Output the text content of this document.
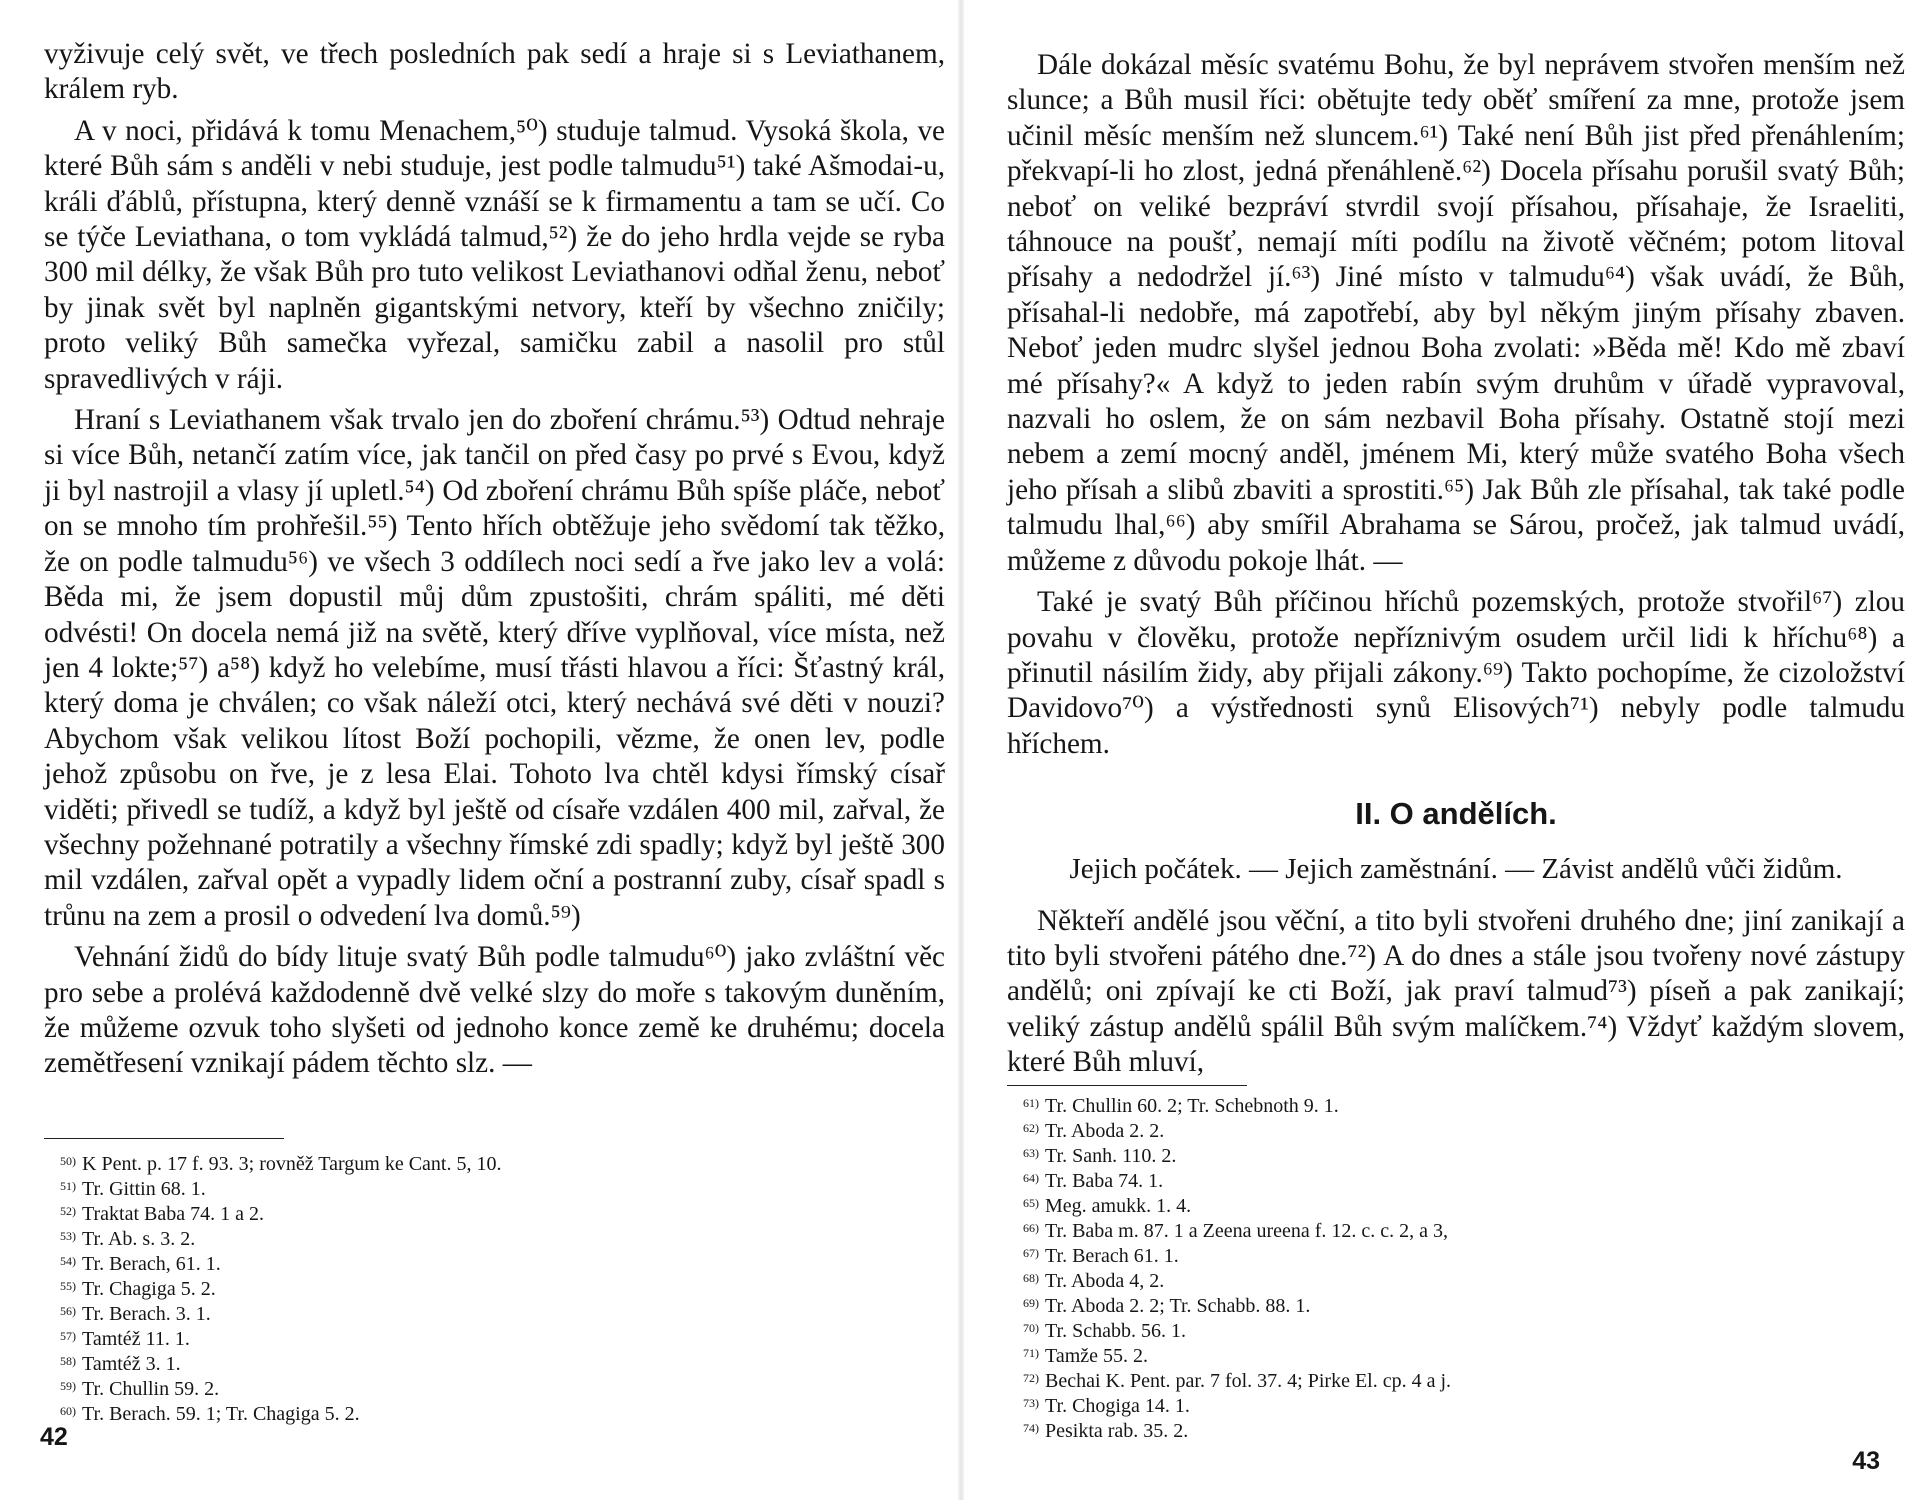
vyživuje celý svět, ve třech posledních pak sedí a hraje si s Leviathanem, králem ryb.

A v noci, přidává k tomu Menachem,⁵⁰) studuje talmud. Vysoká škola, ve které Bůh sám s anděli v nebi studuje, jest podle talmudu⁵¹) také Ašmodai-u, králi ďáblů, přístupna, který denně vznáší se k firmamentu a tam se učí. Co se týče Leviathana, o tom vykládá talmud,⁵²) že do jeho hrdla vejde se ryba 300 mil délky, že však Bůh pro tuto velikost Leviathanovi odňal ženu, neboť by jinak svět byl naplněn gigantskými netvory, kteří by všechno zničily; proto veliký Bůh samečka vyřezal, samičku zabil a nasolil pro stůl spravedlivých v ráji.

Hraní s Leviathanem však trvalo jen do zboření chrámu.⁵³) Odtud nehraje si více Bůh, netančí zatím více, jak tančil on před časy po prvé s Evou, když ji byl nastrojil a vlasy jí upletl.⁵⁴) Od zboření chrámu Bůh spíše pláče, neboť on se mnoho tím prohřešil.⁵⁵) Tento hřích obtěžuje jeho svědomí tak těžko, že on podle talmudu⁵⁶) ve všech 3 oddílech noci sedí a řve jako lev a volá: Běda mi, že jsem dopustil můj dům zpustošiti, chrám spáliti, mé děti odvésti! On docela nemá již na světě, který dříve vyplňoval, více místa, než jen 4 lokte;⁵⁷) a⁵⁸) když ho velebíme, musí třásti hlavou a říci: Šťastný král, který doma je chválen; co však náleží otci, který nechává své děti v nouzi? Abychom však velikou lítost Boží pochopili, vězme, že onen lev, podle jehož způsobu on řve, je z lesa Elai. Tohoto lva chtěl kdysi římský císař viděti; přivedl se tudíž, a když byl ještě od císaře vzdálen 400 mil, zařval, že všechny požehnané potratily a všechny římské zdi spadly; když byl ještě 300 mil vzdálen, zařval opět a vypadly lidem oční a postranní zuby, císař spadl s trůnu na zem a prosil o odvedení lva domů.⁵⁹)

Vehnání židů do bídy lituje svatý Bůh podle talmudu⁶⁰) jako zvláštní věc pro sebe a prolévá každodenně dvě velké slzy do moře s takovým duněním, že můžeme ozvuk toho slyšeti od jednoho konce země ke druhému; docela zemětřesení vznikají pádem těchto slz. —

$^{50)}$ K Pent. p. 17 f. 93. 3; rovněž Targum ke Cant. 5, 10.
$^{51)}$ Tr. Gittin 68. 1.
$^{52)}$ Traktat Baba 74. 1 a 2.
$^{53)}$ Tr. Ab. s. 3. 2.
$^{54)}$ Tr. Berach, 61. 1.
$^{55)}$ Tr. Chagiga 5. 2.
$^{56)}$ Tr. Berach. 3. 1.
$^{57)}$ Tamtéž 11. 1.
$^{58)}$ Tamtéž 3. 1.
$^{59)}$ Tr. Chullin 59. 2.
$^{60)}$ Tr. Berach. 59. 1; Tr. Chagiga 5. 2.
42

Dále dokázal měsíc svatému Bohu, že byl neprávem stvořen menším než slunce; a Bůh musil říci: obětujte tedy oběť smíření za mne, protože jsem učinil měsíc menším než sluncem.⁶¹) Také není Bůh jist před přenáhlením; překvapí-li ho zlost, jedná přenáhleně.⁶²) Docela přísahu porušil svatý Bůh; neboť on veliké bezpráví stvrdil svojí přísahou, přísahaje, že Israeliti, táhnouce na poušť, nemají míti podílu na životě věčném; potom litoval přísahy a nedodržel jí.⁶³) Jiné místo v talmudu⁶⁴) však uvádí, že Bůh, přísahal-li nedobře, má zapotřebí, aby byl někým jiným přísahy zbaven. Neboť jeden mudrc slyšel jednou Boha zvolati: »Běda mě! Kdo mě zbaví mé přísahy?« A když to jeden rabín svým druhům v úřadě vypravoval, nazvali ho oslem, že on sám nezbavil Boha přísahy. Ostatně stojí mezi nebem a zemí mocný anděl, jménem Mi, který může svatého Boha všech jeho přísah a slibů zbaviti a sprostiti.⁶⁵) Jak Bůh zle přísahal, tak také podle talmudu lhal,⁶⁶) aby smířil Abrahama se Sárou, pročež, jak talmud uvádí, můžeme z důvodu pokoje lhát. —

Také je svatý Bůh příčinou hříchů pozemských, protože stvořil⁶⁷) zlou povahu v člověku, protože nepříznivým osudem určil lidi k hříchu⁶⁸) a přinutil násilím židy, aby přijali zákony.⁶⁹) Takto pochopíme, že cizoložství Davidovo⁷⁰) a výstřednosti synů Elisových⁷¹) nebyly podle talmudu hříchem.

II. O andělích.
Jejich počátek. — Jejich zaměstnání. — Závist andělů vůči židům.

Někteří andělé jsou věční, a tito byli stvořeni druhého dne; jiní zanikají a tito byli stvořeni pátého dne.⁷²) A do dnes a stále jsou tvořeny nové zástupy andělů; oni zpívají ke cti Boží, jak praví talmud⁷³) píseň a pak zanikají; veliký zástup andělů spálil Bůh svým malíčkem.⁷⁴) Vždyť každým slovem, které Bůh mluví,

$^{61)}$ Tr. Chullin 60. 2; Tr. Schebnoth 9. 1.
$^{62)}$ Tr. Aboda 2. 2.
$^{63)}$ Tr. Sanh. 110. 2.
$^{64)}$ Tr. Baba 74. 1.
$^{65)}$ Meg. amukk. 1. 4.
$^{66)}$ Tr. Baba m. 87. 1 a Zeena ureena f. 12. c. c. 2, a 3,
$^{67)}$ Tr. Berach 61. 1.
$^{68)}$ Tr. Aboda 4, 2.
$^{69)}$ Tr. Aboda 2. 2; Tr. Schabb. 88. 1.
$^{70)}$ Tr. Schabb. 56. 1.
$^{71)}$ Tamže 55. 2.
$^{72)}$ Bechai K. Pent. par. 7 fol. 37. 4; Pirke El. cp. 4 a j.
$^{73)}$ Tr. Chogiga 14. 1.
$^{74)}$ Pesikta rab. 35. 2.
43
